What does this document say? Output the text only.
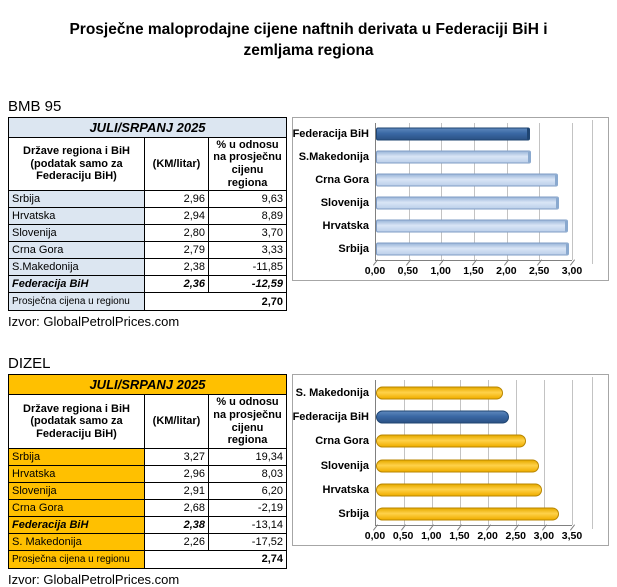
Prosječne maloprodajne cijene naftnih derivata u Federaciji BiH i zemljama regiona
BMB 95
JULI/SRPANJ 2025		
Države regiona i BiH (podatak samo za Federaciju BiH)	(KM/litar)	% u odnosu na prosječnu cijenu regiona
Srbija	2,96	9,63
Hrvatska	2,94	8,89
Slovenija	2,80	3,70
Crna Gora	2,79	3,33
S.Makedonija	2,38	-11,85
Federacija BiH	2,36	-12,59
Prosječna cijena u regionu	2,70	
Federacija BiH
S.Makedonija
Crna Gora
Slovenija
Hrvatska
Srbija
0,00 0,50 1,00 1,50 2,00 2,50 3,00
Izvor: GlobalPetrolPrices.com
DIZEL
JULI/SRPANJ 2025		
Države regiona i BiH (podatak samo za Federaciju BiH)	(KM/litar)	% u odnosu na prosječnu cijenu regiona
Srbija	3,27	19,34
Hrvatska	2,96	8,03
Slovenija	2,91	6,20
Crna Gora	2,68	-2,19
Federacija BiH	2,38	-13,14
S. Makedonija	2,26	-17,52
Prosječna cijena u regionu	2,74	
S. Makedonija
Federacija BiH
Crna Gora
Slovenija
Hrvatska
Srbija
0,00 0,50 1,00 1,50 2,00 2,50 3,00 3,50
Izvor: GlobalPetrolPrices.com
